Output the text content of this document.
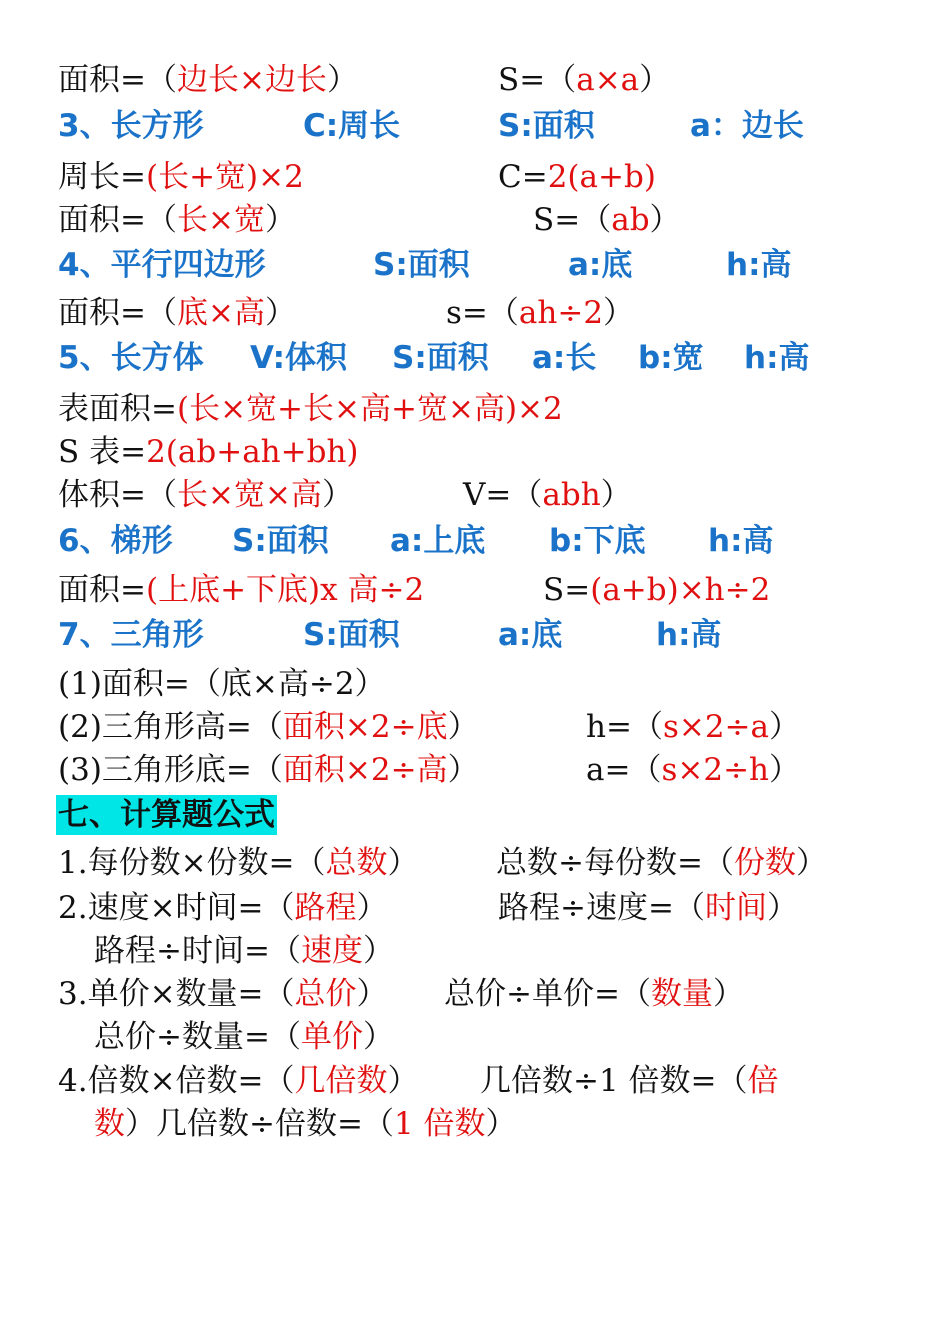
面积=（边长×边长）	S=（a×a）
3、长方形	C:周长	S:面积	a：边长
周长=(长+宽)×2	C=2(a+b)
面积=（长×宽）	S=（ab）
4、平行四边形	S:面积	a:底	h:高
面积=（底×高）	s=（ah÷2）
5、长方体 V:体积 S:面积 a:长 b:宽 h:高
表面积=(长×宽+长×高+宽×高)×2
S 表=2(ab+ah+bh)
体积=（长×宽×高）	V=（abh）
6、梯形 S:面积 a:上底 b:下底 h:高
面积=(上底+下底)x 高÷2	S=(a+b)×h÷2
7、三角形	S:面积	a:底	h:高
(1)面积=（底×高÷2）
(2)三角形高=（面积×2÷底）	h=（s×2÷a）
(3)三角形底=（面积×2÷高）	a=（s×2÷h）
七、计算题公式
1.每份数×份数=（总数） 总数÷每份数=（份数）
2.速度×时间=（路程）	路程÷速度=（时间）
路程÷时间=（速度）
3.单价×数量=（总价） 总价÷单价=（数量）
总价÷数量=（单价）
4.倍数×倍数=（几倍数） 几倍数÷1 倍数=（倍
数）几倍数÷倍数=（1 倍数）
